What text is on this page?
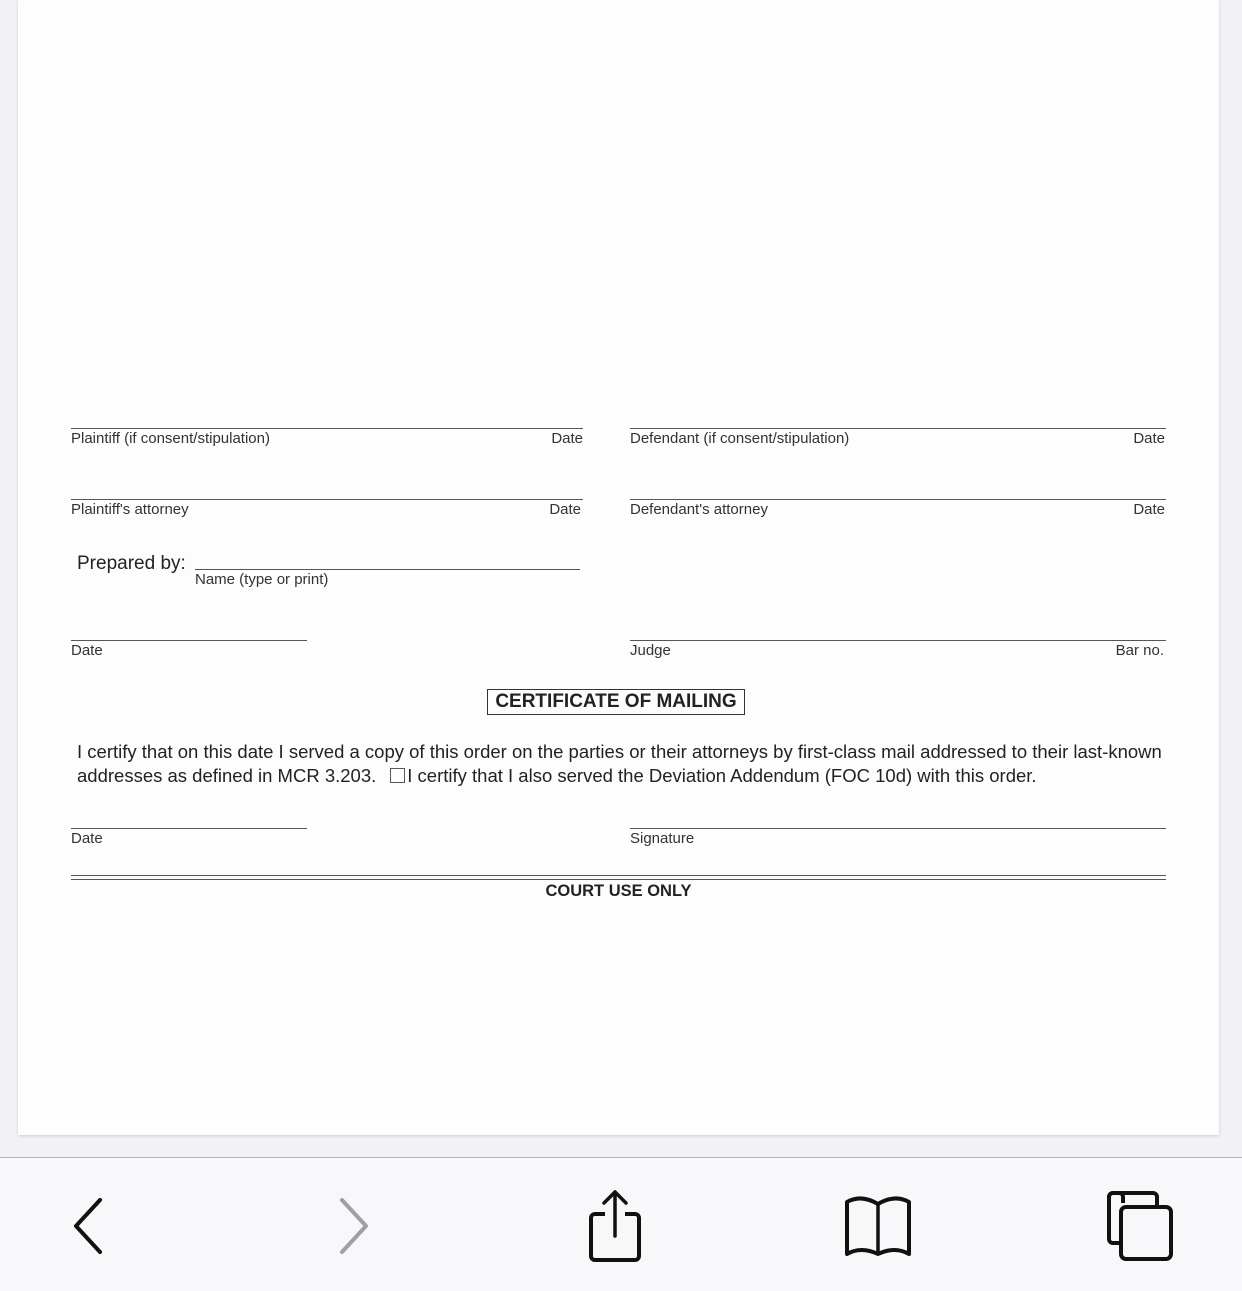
Plaintiff (if consent/stipulation)	Date	Defendant (if consent/stipulation)	Date
Plaintiff's attorney	Date	Defendant's attorney	Date
Prepared by:
Name (type or print)
Date	Judge	Bar no.
CERTIFICATE OF MAILING
I certify that on this date I served a copy of this order on the parties or their attorneys by first-class mail addressed to their last-known addresses as defined in MCR 3.203. I certify that I also served the Deviation Addendum (FOC 10d) with this order.
Date	Signature
COURT USE ONLY
